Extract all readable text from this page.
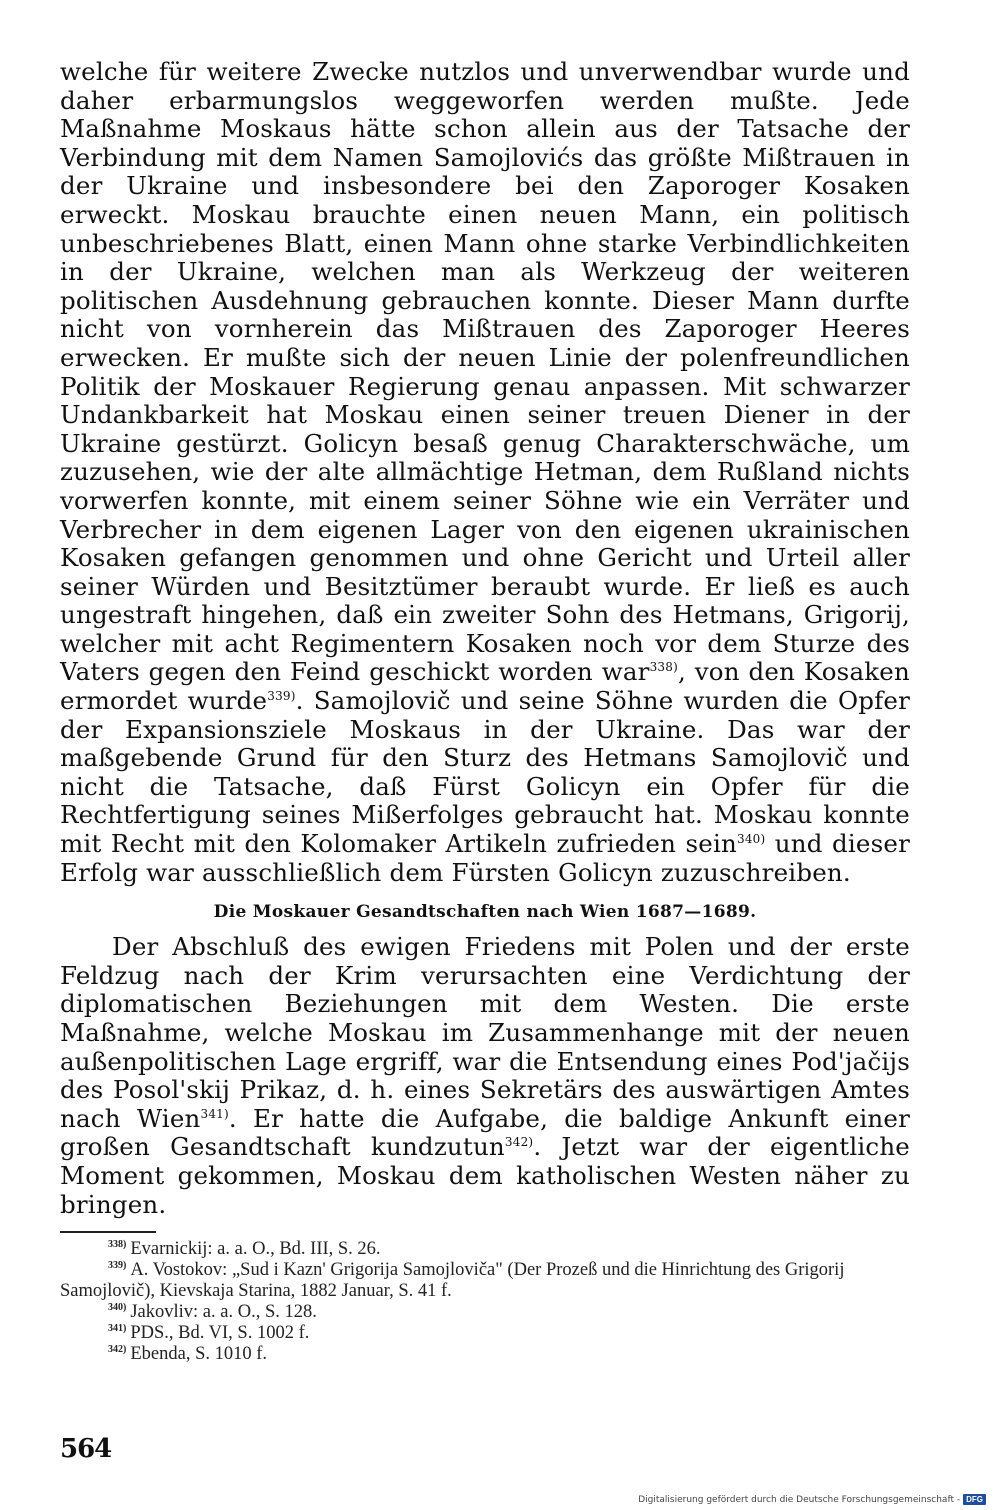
welche für weitere Zwecke nutzlos und unverwendbar wurde und daher erbarmungslos weggeworfen werden mußte. Jede Maßnahme Moskaus hätte schon allein aus der Tatsache der Verbindung mit dem Namen Samojlovićs das größte Mißtrauen in der Ukraine und insbesondere bei den Zaporoger Kosaken erweckt. Moskau brauchte einen neuen Mann, ein politisch unbeschriebenes Blatt, einen Mann ohne starke Verbindlichkeiten in der Ukraine, welchen man als Werkzeug der weiteren politischen Ausdehnung gebrauchen konnte. Dieser Mann durfte nicht von vornherein das Mißtrauen des Zaporoger Heeres erwecken. Er mußte sich der neuen Linie der polenfreundlichen Politik der Moskauer Regierung genau anpassen. Mit schwarzer Undankbarkeit hat Moskau einen seiner treuen Diener in der Ukraine gestürzt. Golicyn besaß genug Charakterschwäche, um zuzusehen, wie der alte allmächtige Hetman, dem Rußland nichts vorwerfen konnte, mit einem seiner Söhne wie ein Verräter und Verbrecher in dem eigenen Lager von den eigenen ukrainischen Kosaken gefangen genommen und ohne Gericht und Urteil aller seiner Würden und Besitztümer beraubt wurde. Er ließ es auch ungestraft hingehen, daß ein zweiter Sohn des Hetmans, Grigorij, welcher mit acht Regimentern Kosaken noch vor dem Sturze des Vaters gegen den Feind geschickt worden war$^{338)}$, von den Kosaken ermordet wurde$^{339)}$. Samojlovič und seine Söhne wurden die Opfer der Expansionsziele Moskaus in der Ukraine. Das war der maßgebende Grund für den Sturz des Hetmans Samojlovič und nicht die Tatsache, daß Fürst Golicyn ein Opfer für die Rechtfertigung seines Mißerfolges gebraucht hat. Moskau konnte mit Recht mit den Kolomaker Artikeln zufrieden sein$^{340)}$ und dieser Erfolg war ausschließlich dem Fürsten Golicyn zuzuschreiben.

Die Moskauer Gesandtschaften nach Wien 1687—1689.

Der Abschluß des ewigen Friedens mit Polen und der erste Feldzug nach der Krim verursachten eine Verdichtung der diplomatischen Beziehungen mit dem Westen. Die erste Maßnahme, welche Moskau im Zusammenhange mit der neuen außenpolitischen Lage ergriff, war die Entsendung eines Pod'jačijs des Posol'skij Prikaz, d. h. eines Sekretärs des auswärtigen Amtes nach Wien$^{341)}$. Er hatte die Aufgabe, die baldige Ankunft einer großen Gesandtschaft kundzutun$^{342)}$. Jetzt war der eigentliche Moment gekommen, Moskau dem katholischen Westen näher zu bringen.

$^{338)}$ Evarnickij: a. a. O., Bd. III, S. 26.

$^{339)}$ A. Vostokov: „Sud i Kazn' Grigorija Samojloviča" (Der Prozeß und die Hinrichtung des Grigorij Samojlovič), Kievskaja Starina, 1882 Januar, S. 41 f.

$^{340)}$ Jakovliv: a. a. O., S. 128.

$^{341)}$ PDS., Bd. VI, S. 1002 f.

$^{342)}$ Ebenda, S. 1010 f.

564
Digitalisierung gefördert durch die Deutsche Forschungsgemeinschaft - DFG
